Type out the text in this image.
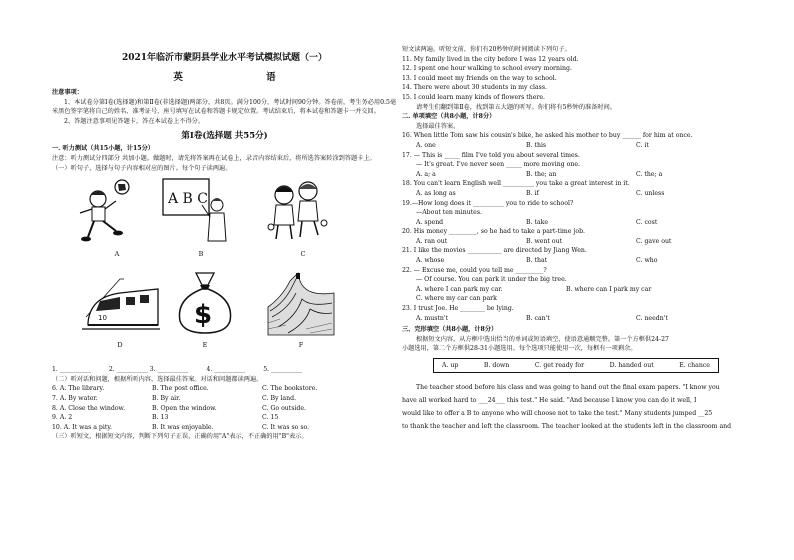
2021年临沂市蒙阴县学业水平考试模拟试题（一）
英 语
注意事项：
1、本试卷分第Ⅰ卷(选择题)和第Ⅱ卷(非选择题)两部分，共8页。满分100分，考试时间90分钟。答卷前，考生务必用0.5毫米黑色签字笔将自己的姓名、准考证号、座号填写在试卷和答题卡规定位置。考试结束后，将本试卷和答题卡一并交回。
2、答题注意事项见答题卡，答在本试卷上不得分。
第Ⅰ卷(选择题 共55分)
一. 听力测试（共15小题，计15分）
注意：听力测试分四部分 共加小题。做题时，请先将答案再在试卷上，录音内容结束后，将所选答案转涂到答题卡上。
（一）听句子，选择与句子内容相对应的图片。每个句子读两遍。
A B C
A	B	C
10	$
D	E	F
1. __________	2. __________ 3. __________	4. __________	5. __________
（二）听对话和问题，根据所听内容，选择最佳答案。对话和问题都读两遍。
6. A. The library.	B. The post office.	C. The bookstore.
7. A. By water.	B. By air.	C. By land.
8. A. Close the window.	B. Open the window.	C. Go outside.
9. A. 2	B. 13	C. 15
10. A. It was a pity.	B. It was enjoyable.	C. It was so so.
（三）听短文，根据短文内容，判断下列句子正误，正确的用"A"表示，不正确的用"B"表示。
短文读两遍。听短文前，你们有20秒钟的时间阅读下列句子。
11. My family lived in the city before I was 12 years old.
12. I spent one hour walking to school every morning.
13. I could meet my friends on the way to school.
14. There were about 30 students in my class.
15. I could learn many kinds of flowers there.
请考生们翻到第Ⅱ卷，找到第五大题的听写。你们将有5秒钟的准备时间。
二. 单项填空（共8小题，计8分）
选择最佳答案。
16. When little Tom saw his cousin's bike, he asked his mother to buy ______ for him at once.
A. one	B. this	C. it
17. — This is _____ film I've told you about several times.
— It's great. I've never seen _____ more moving one.
A. a; a	B. the; an	C. the; a
18. You can't learn English well __________ you take a great interest in it.
A. as long as	B. if	C. unless
19.—How long does it __________ you to ride to school?
—About ten minutes.
A. spend	B. take	C. cost
20. His money _________, so he had to take a part-time job.
A. ran out	B. went out	C. gave out
21. I like the movies ___________ are directed by Jiang Wen.
A. whose	B. that	C. who
22. — Excuse me, could you tell me _________?
— Of course. You can park it under the big tree.
A. where I can park my car.	B. where can I park my car
C. where my car can park
23. I trust Joe. He ________ be lying.
A. mustn't	B. can't	C. needn't
三、完形填空（共8小题，计8分）
根据短文内容，从方框中选出恰当的单词或短语填空，使语意通顺完整。第一个方框供24-27
小题选用，第二个方框供28-31小题选用。每个选项只能使用一次，每框有一项剩余。
A. up	B. down	C. get ready for	D. handed out	E. chance
The teacher stood before his class and was going to hand out the final exam papers. "I know you
have all worked hard to ___24___ this test." He said. "And because I know you can do it well, I
would like to offer a B to anyone who will choose not to take the test." Many students jumped __25
to thank the teacher and left the classroom. The teacher looked at the students left in the classroom and
